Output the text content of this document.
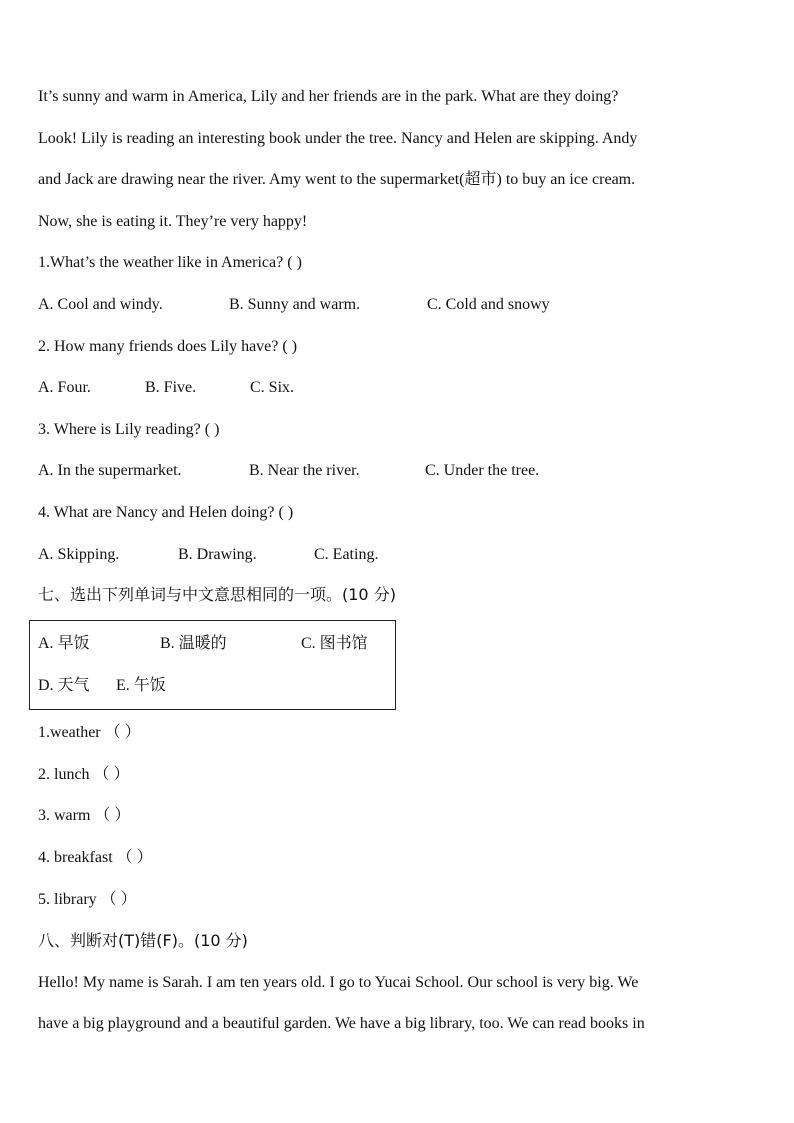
It’s sunny and warm in America, Lily and her friends are in the park. What are they doing?
Look! Lily is reading an interesting book under the tree. Nancy and Helen are skipping. Andy
and Jack are drawing near the river. Amy went to the supermarket(超市) to buy an ice cream.
Now, she is eating it. They’re very happy!
1.What’s the weather like in America? ( )
A. Cool and windy.	B. Sunny and warm.	C. Cold and snowy
2. How many friends does Lily have? ( )
A. Four.	B. Five.	C. Six.
3. Where is Lily reading? ( )
A. In the supermarket.	B. Near the river.	C. Under the tree.
4. What are Nancy and Helen doing? ( )
A. Skipping.	B. Drawing.	C. Eating.
七、选出下列单词与中文意思相同的一项。(10 分)
A. 早饭	B. 温暖的	C. 图书馆
D. 天气 E. 午饭
1.weather （ ）
2. lunch （ ）
3. warm （ ）
4. breakfast （ ）
5. library （ ）
八、判断对(T)错(F)。(10 分)
Hello! My name is Sarah. I am ten years old. I go to Yucai School. Our school is very big. We
have a big playground and a beautiful garden. We have a big library, too. We can read books in
